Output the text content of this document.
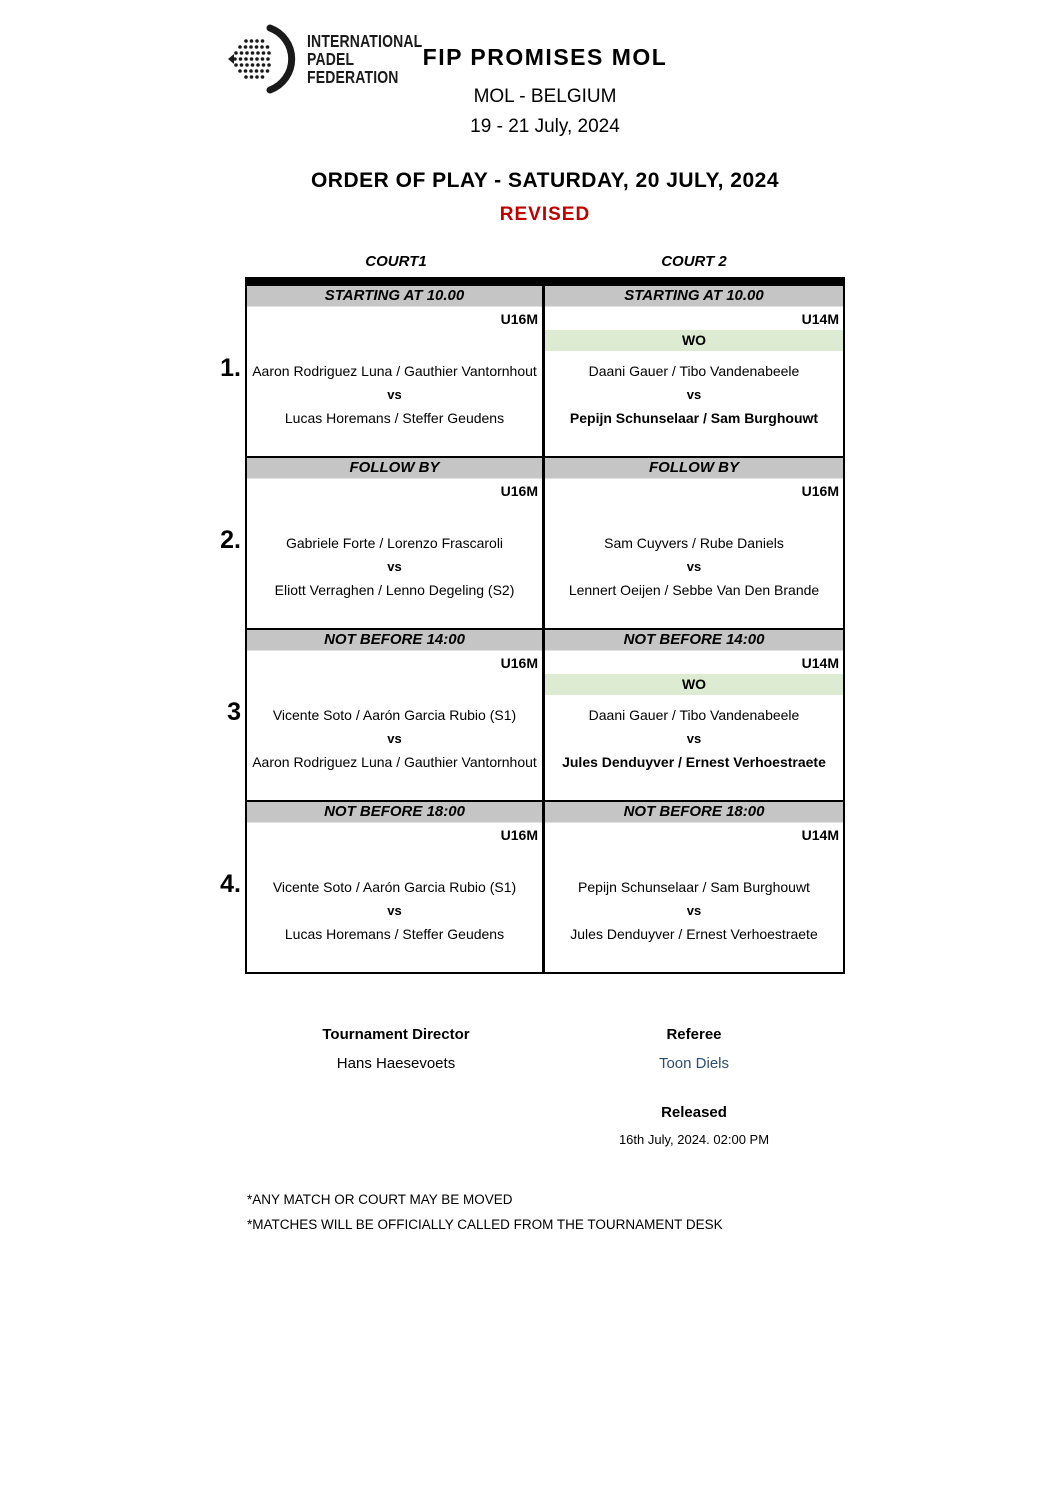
INTERNATIONAL
PADEL
FEDERATION
FIP PROMISES MOL
MOL - BELGIUM
19 - 21 July, 2024
ORDER OF PLAY - SATURDAY, 20 JULY, 2024
REVISED
COURT1	COURT 2
1.
STARTING AT 10.00
U16M
Aaron Rodriguez Luna / Gauthier Vantornhout
vs
Lucas Horemans / Steffer Geudens
STARTING AT 10.00
U14M
WO
Daani Gauer / Tibo Vandenabeele
vs
Pepijn Schunselaar / Sam Burghouwt
2.
FOLLOW BY
U16M
Gabriele Forte / Lorenzo Frascaroli
vs
Eliott Verraghen / Lenno Degeling (S2)
FOLLOW BY
U16M
Sam Cuyvers / Rube Daniels
vs
Lennert Oeijen / Sebbe Van Den Brande
3
NOT BEFORE 14:00
U16M
Vicente Soto / Aarón Garcia Rubio (S1)
vs
Aaron Rodriguez Luna / Gauthier Vantornhout
NOT BEFORE 14:00
U14M
WO
Daani Gauer / Tibo Vandenabeele
vs
Jules Denduyver / Ernest Verhoestraete
4.
NOT BEFORE 18:00
U16M
Vicente Soto / Aarón Garcia Rubio (S1)
vs
Lucas Horemans / Steffer Geudens
NOT BEFORE 18:00
U14M
Pepijn Schunselaar / Sam Burghouwt
vs
Jules Denduyver / Ernest Verhoestraete
Tournament Director
Hans Haesevoets
Referee
Toon Diels
Released
16th July, 2024. 02:00 PM
*ANY MATCH OR COURT MAY BE MOVED
*MATCHES WILL BE OFFICIALLY CALLED FROM THE TOURNAMENT DESK
